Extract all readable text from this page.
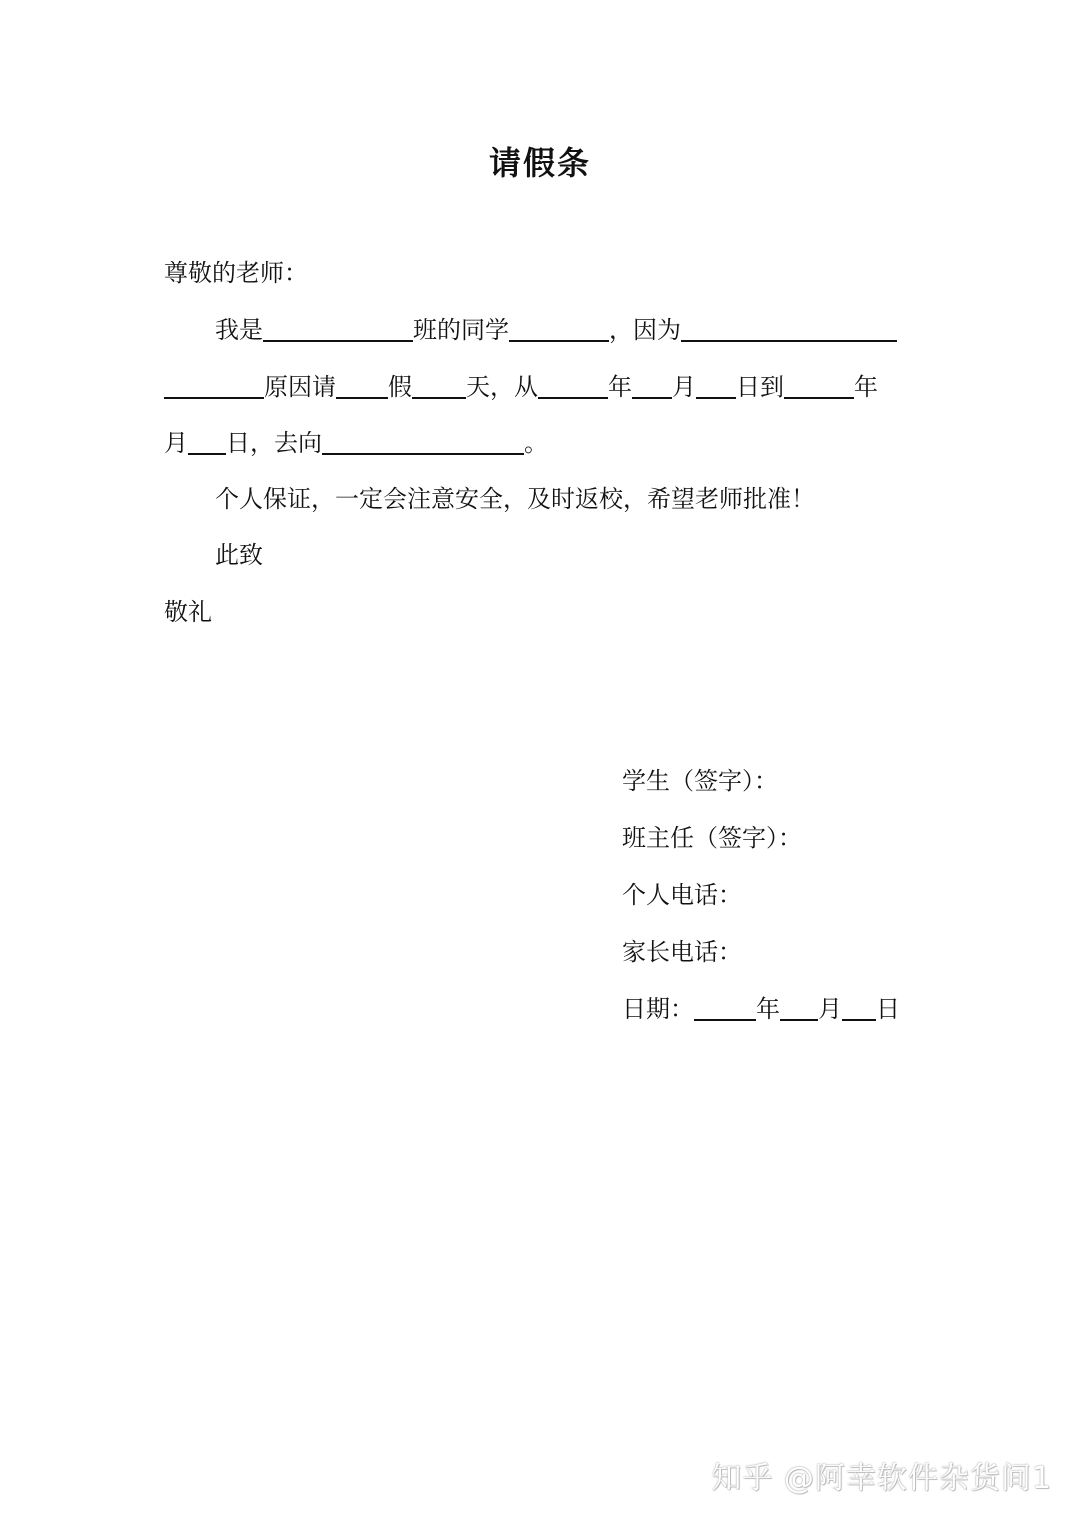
请假条
尊敬的老师：
我是	班的同学	，因为
原因请 假 天，从	年 月 日到	年
月 日，去向	。
个人保证，一定会注意安全，及时返校，希望老师批准！
此致
敬礼
学生（签字）：
班主任（签字）：
个人电话：
家长电话：
日期：	年 月 日
知乎 @阿幸软件杂货间1
